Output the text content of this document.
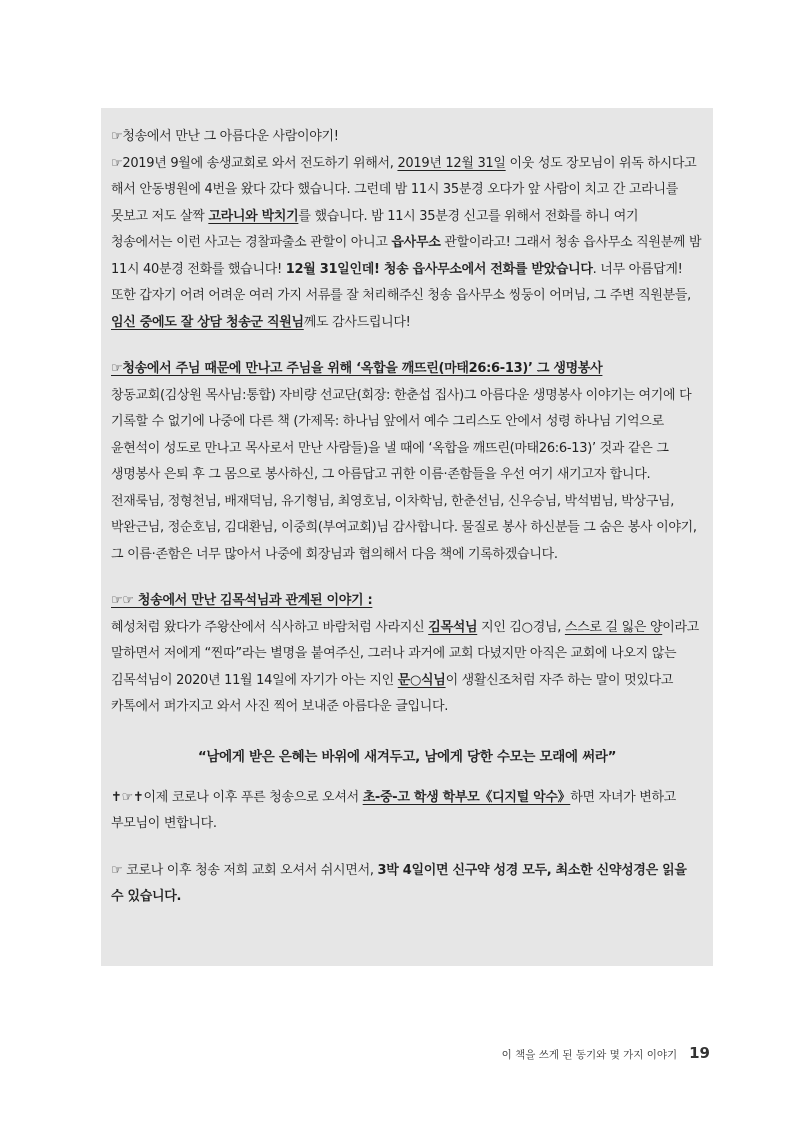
☞청송에서 만난 그 아름다운 사람이야기!

☞2019년 9월에 송생교회로 와서 전도하기 위해서, 2019년 12월 31일 이웃 성도 장모님이 위독 하시다고 해서 안동병원에 4번을 왔다 갔다 했습니다. 그런데 밤 11시 35분경 오다가 앞 사람이 치고 간 고라니를 못보고 저도 살짝 고라니와 박치기를 했습니다. 밤 11시 35분경 신고를 위해서 전화를 하니 여기 청송에서는 이런 사고는 경찰파출소 관할이 아니고 읍사무소 관할이라고! 그래서 청송 읍사무소 직원분께 밤 11시 40분경 전화를 했습니다! 12월 31일인데! 청송 읍사무소에서 전화를 받았습니다. 너무 아름답게! 또한 갑자기 어려 어려운 여러 가지 서류를 잘 처리해주신 청송 읍사무소 씽둥이 어머님, 그 주변 직원분들, 임신 중에도 잘 상담 청송군 직원님께도 감사드립니다!

☞청송에서 주님 때문에 만나고 주님을 위해 ‘옥합을 깨뜨린(마태26:6-13)’ 그 생명봉사
창동교회(김상원 목사님:통합) 자비량 선교단(회장: 한춘섭 집사)그 아름다운 생명봉사 이야기는 여기에 다 기록할 수 없기에 나중에 다른 책 (가제목: 하나님 앞에서 예수 그리스도 안에서 성령 하나님 기억으로 윤현석이 성도로 만나고 목사로서 만난 사람들)을 낼 때에 ‘옥합을 깨뜨린(마태26:6-13)’ 것과 같은 그 생명봉사 은퇴 후 그 몸으로 봉사하신, 그 아름답고 귀한 이름·존함들을 우선 여기 새기고자 합니다. 전재룩님, 정형천님, 배재덕님, 유기형님, 최영호님, 이차학님, 한춘선님, 신우승님, 박석범님, 박상구님, 박완근님, 정순호님, 김대환님, 이중희(부여교회)님 감사합니다. 물질로 봉사 하신분들 그 숨은 봉사 이야기, 그 이름·존함은 너무 많아서 나중에 회장님과 협의해서 다음 책에 기록하겠습니다.

☞☞ 청송에서 만난 김목석님과 관계된 이야기 :
혜성처럼 왔다가 주왕산에서 식사하고 바람처럼 사라지신 김목석님 지인 김○경님, 스스로 길 잃은 양이라고 말하면서 저에게 “찐따”라는 별명을 붙여주신, 그러나 과거에 교회 다녔지만 아직은 교회에 나오지 않는 김목석님이 2020년 11월 14일에 자기가 아는 지인 문○식님이 생활신조처럼 자주 하는 말이 멋있다고 카톡에서 퍼가지고 와서 사진 찍어 보내준 아름다운 글입니다.

“남에게 받은 은혜는 바위에 새겨두고, 남에게 당한 수모는 모래에 써라”

✝☞✝이제 코로나 이후 푸른 청송으로 오셔서 초-중-고 학생 학부모《디지털 악수》하면 자녀가 변하고 부모님이 변합니다.

☞ 코로나 이후 청송 저희 교회 오셔서 쉬시면서, 3박 4일이면 신구약 성경 모두, 최소한 신약성경은 읽을 수 있습니다.

이 책을 쓰게 된 동기와 몇 가지 이야기 19
